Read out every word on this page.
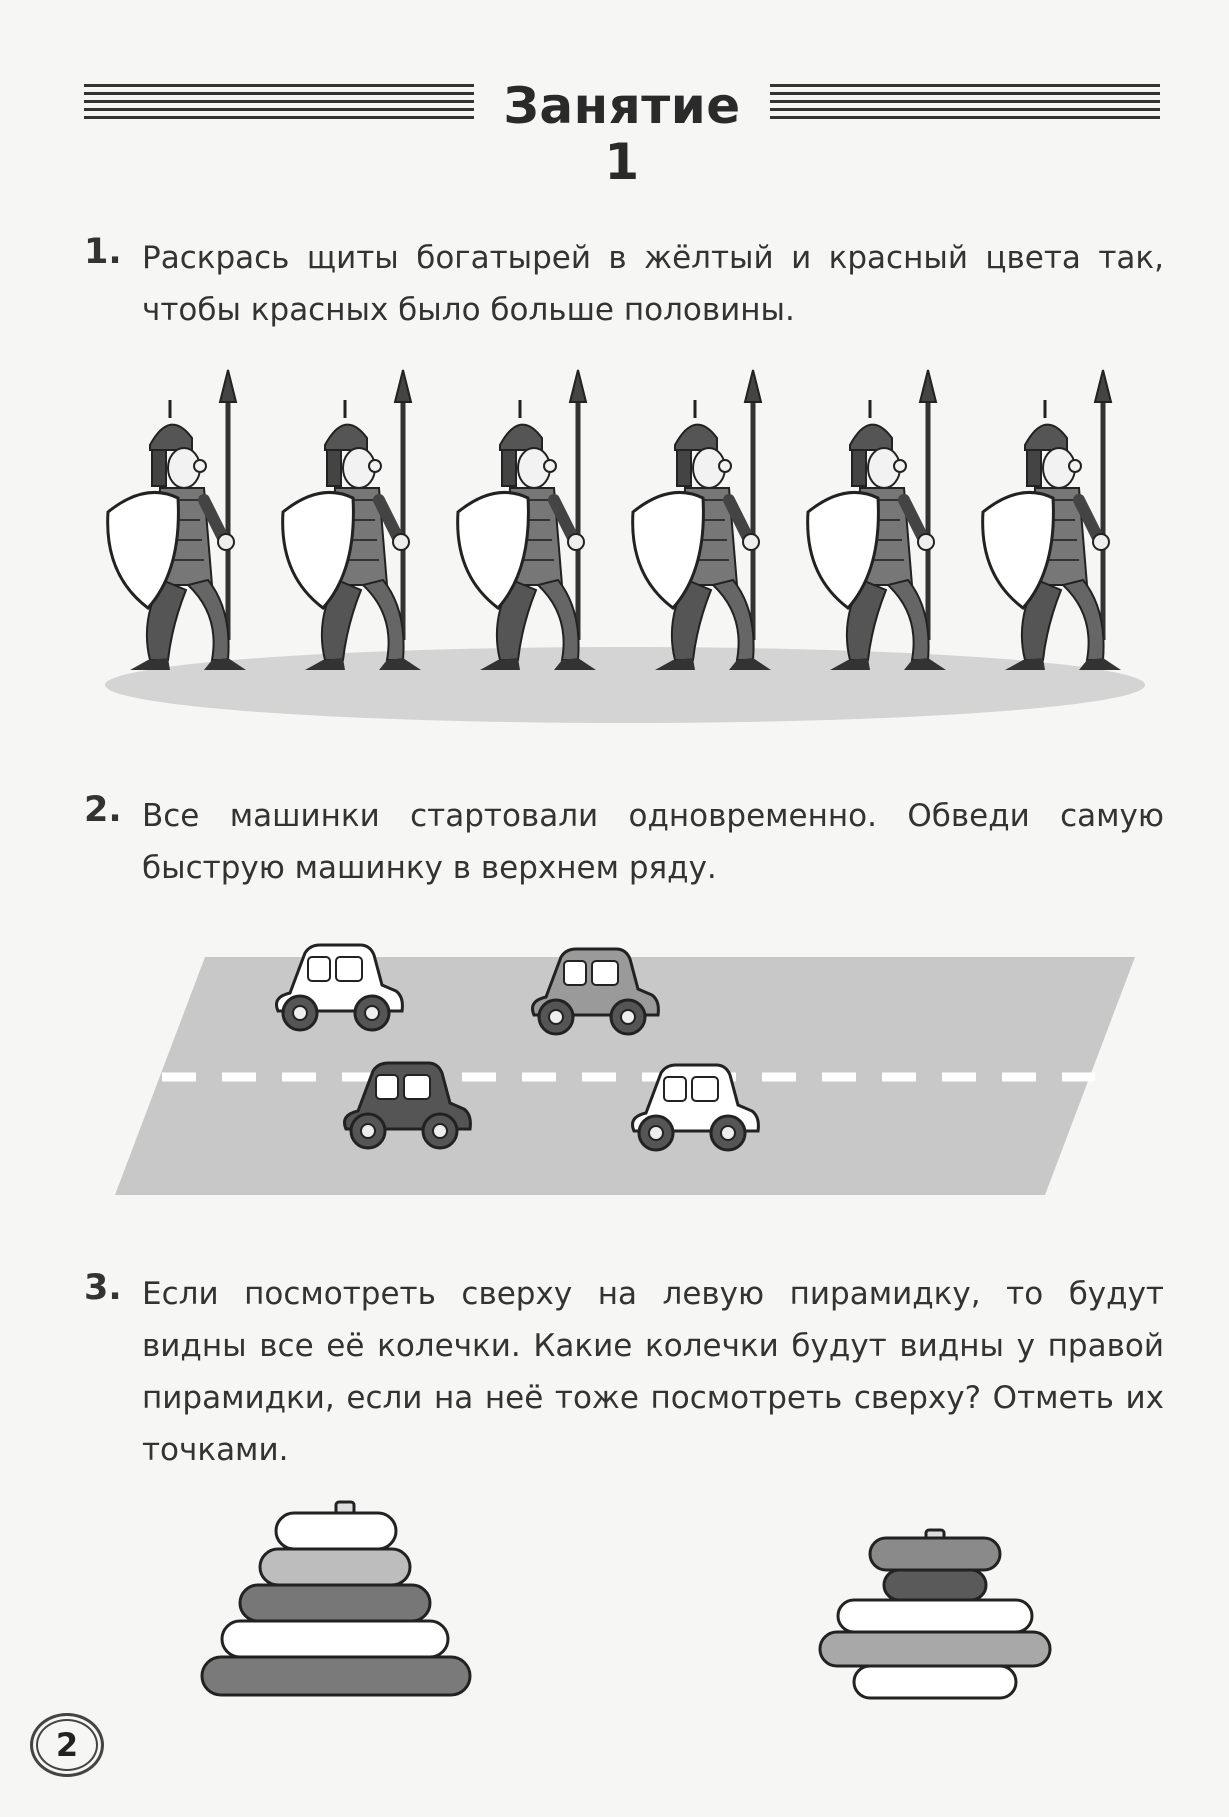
Занятие 1
1. Раскрась щиты богатырей в жёлтый и красный цвета так, чтобы красных было больше половины.
2. Все машинки стартовали одновременно. Обведи самую быструю машинку в верхнем ряду.
3. Если посмотреть сверху на левую пирамидку, то будут видны все её колечки. Какие колечки будут видны у правой пирамидки, если на неё тоже посмотреть сверху? Отметь их точками.
2
